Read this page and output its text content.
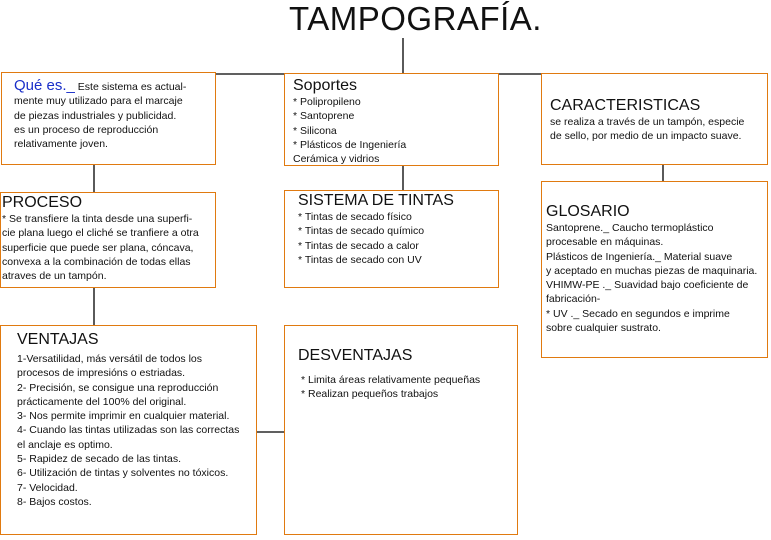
TAMPOGRAFÍA.
Qué es._ Este sistema es actual-
mente muy utilizado para el marcaje
de piezas industriales y publicidad.
es un proceso de reproducción
relativamente joven.
Soportes
* Polipropileno
* Santoprene
* Silicona
* Plásticos de Ingeniería
Cerámica y vidrios
CARACTERISTICAS
se realiza a través de un tampón, especie
de sello, por medio de un impacto suave.
PROCESO
* Se transfiere la tinta desde una superfi-
cie plana luego el cliché se tranfiere a otra
superficie que puede ser plana, cóncava,
convexa a la combinación de todas ellas
atraves de un tampón.
SISTEMA DE TINTAS
* Tintas de secado físico
* Tintas de secado químico
* Tintas de secado a calor
* Tintas de secado con UV
GLOSARIO
Santoprene._ Caucho termoplástico
procesable en máquinas.
Plásticos de Ingeniería._ Material suave
y aceptado en muchas piezas de maquinaria.
VHIMW-PE ._ Suavidad bajo coeficiente de
fabricación-
* UV ._ Secado en segundos e imprime
sobre cualquier sustrato.
VENTAJAS
1-Versatilidad, más versátil de todos los
procesos de impresións o estriadas.
2- Precisión, se consigue una reproducción
prácticamente del 100% del original.
3- Nos permite imprimir en cualquier material.
4- Cuando las tintas utilizadas son las correctas
el anclaje es optimo.
5- Rapidez de secado de las tintas.
6- Utilización de tintas y solventes no tóxicos.
7- Velocidad.
8- Bajos costos.
DESVENTAJAS
* Limita áreas relativamente pequeñas
* Realizan pequeños trabajos
